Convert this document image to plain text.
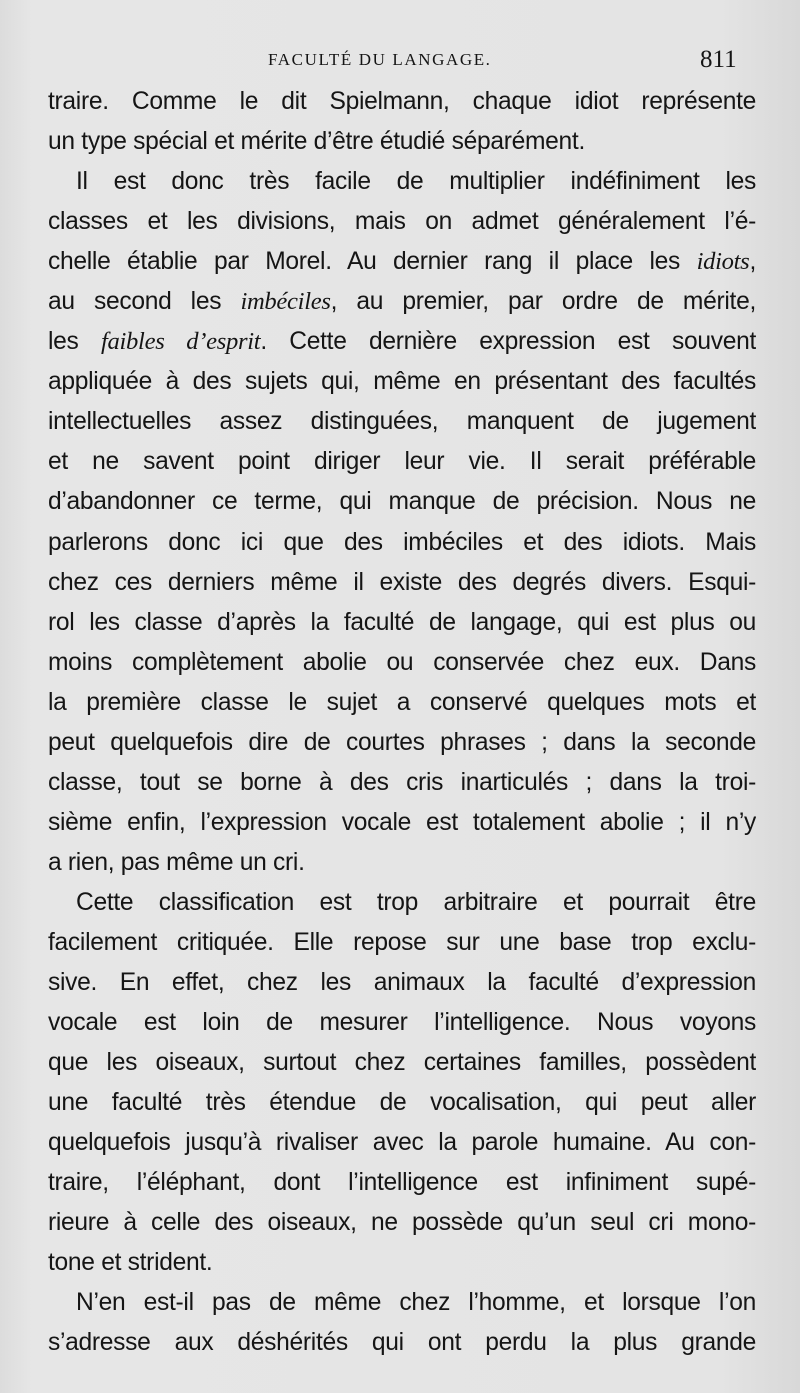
FACULTÉ DU LANGAGE.	811
traire. Comme le dit Spielmann, chaque idiot représente
un type spécial et mérite d’être étudié séparément.
Il est donc très facile de multiplier indéfiniment les
classes et les divisions, mais on admet généralement l’é-
chelle établie par Morel. Au dernier rang il place les idiots,
au second les imbéciles, au premier, par ordre de mérite,
les faibles d’esprit. Cette dernière expression est souvent
appliquée à des sujets qui, même en présentant des facultés
intellectuelles assez distinguées, manquent de jugement
et ne savent point diriger leur vie. Il serait préférable
d’abandonner ce terme, qui manque de précision. Nous ne
parlerons donc ici que des imbéciles et des idiots. Mais
chez ces derniers même il existe des degrés divers. Esqui-
rol les classe d’après la faculté de langage, qui est plus ou
moins complètement abolie ou conservée chez eux. Dans
la première classe le sujet a conservé quelques mots et
peut quelquefois dire de courtes phrases ; dans la seconde
classe, tout se borne à des cris inarticulés ; dans la troi-
sième enfin, l’expression vocale est totalement abolie ; il n’y
a rien, pas même un cri.
Cette classification est trop arbitraire et pourrait être
facilement critiquée. Elle repose sur une base trop exclu-
sive. En effet, chez les animaux la faculté d’expression
vocale est loin de mesurer l’intelligence. Nous voyons
que les oiseaux, surtout chez certaines familles, possèdent
une faculté très étendue de vocalisation, qui peut aller
quelquefois jusqu’à rivaliser avec la parole humaine. Au con-
traire, l’éléphant, dont l’intelligence est infiniment supé-
rieure à celle des oiseaux, ne possède qu’un seul cri mono-
tone et strident.
N’en est-il pas de même chez l’homme, et lorsque l’on
s’adresse aux déshérités qui ont perdu la plus grande
